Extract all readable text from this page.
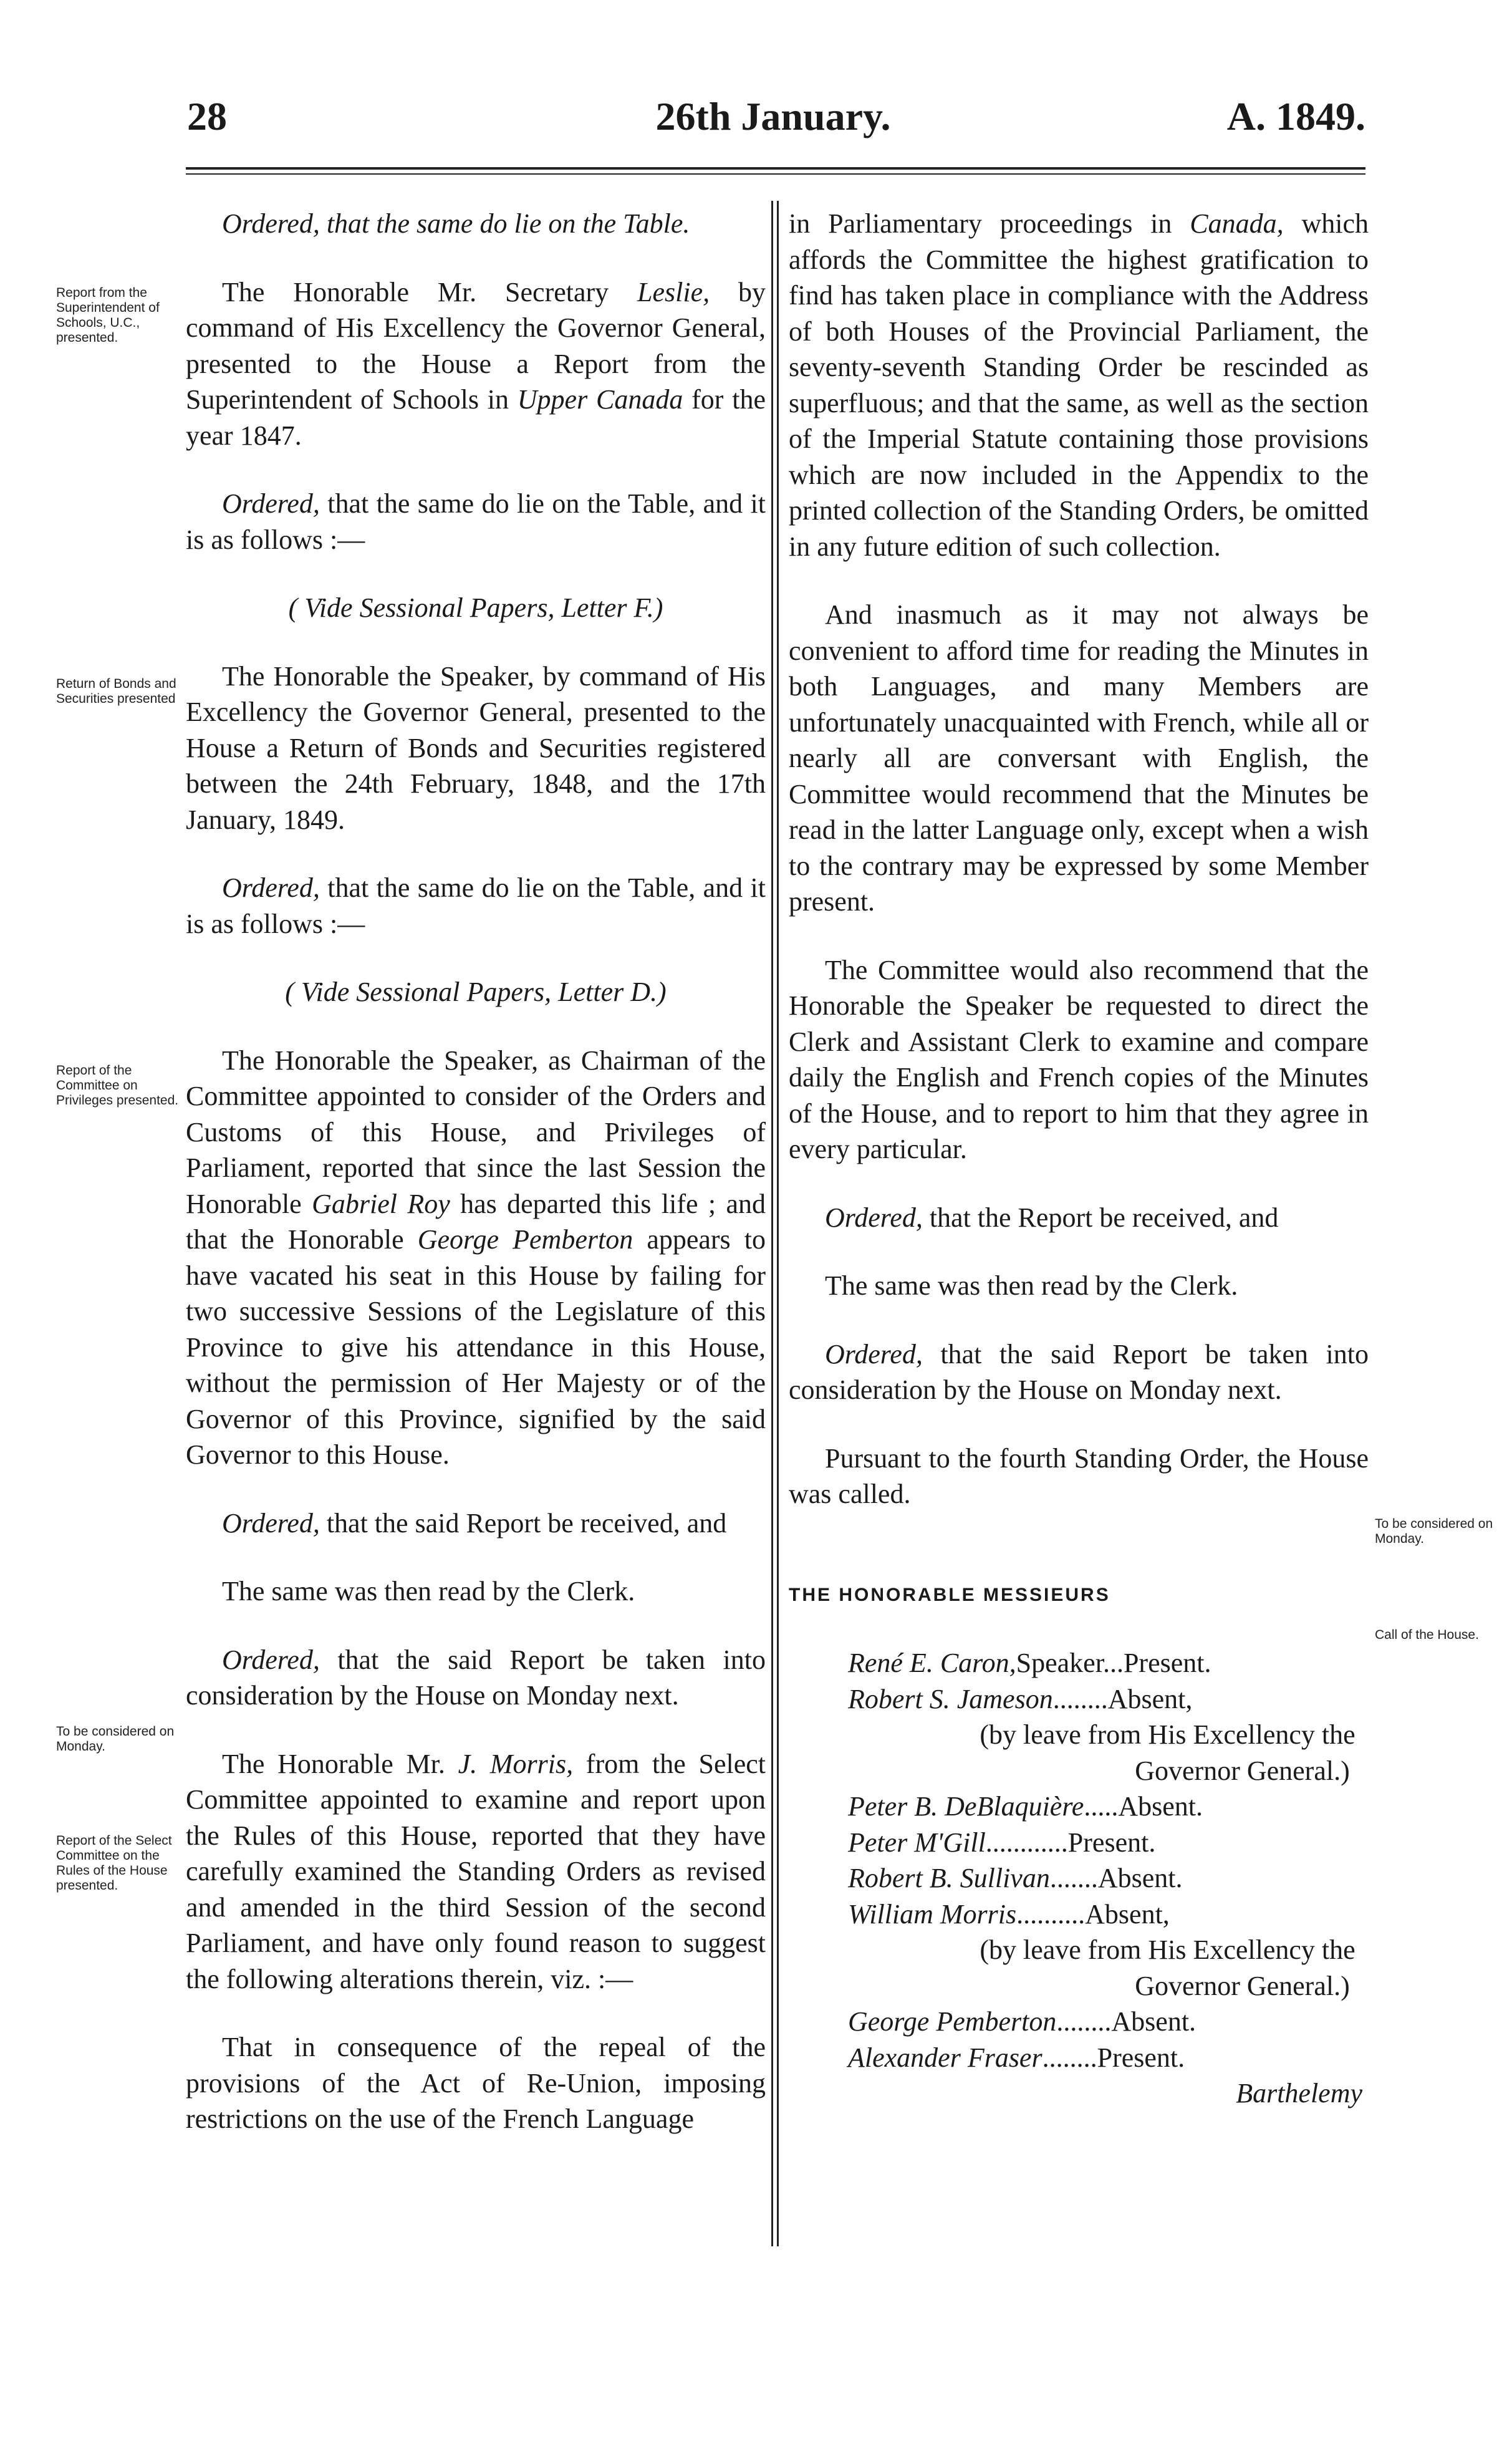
28	26th January.	A. 1849.
Report from the Superintendent of Schools, U.C., presented.
Return of Bonds and Securities presented
Report of the Committee on Privileges presented.
To be considered on Monday.
Report of the Select Committee on the Rules of the House presented.
To be considered on Monday.
Call of the House.

Ordered, that the same do lie on the Table.

The Honorable Mr. Secretary Leslie, by command of His Excellency the Governor General, presented to the House a Report from the Superintendent of Schools in Upper Canada for the year 1847.

Ordered, that the same do lie on the Table, and it is as follows :—

( Vide Sessional Papers, Letter F.)

The Honorable the Speaker, by command of His Excellency the Governor General, presented to the House a Return of Bonds and Securities registered between the 24th February, 1848, and the 17th January, 1849.

Ordered, that the same do lie on the Table, and it is as follows :—

( Vide Sessional Papers, Letter D.)

The Honorable the Speaker, as Chairman of the Committee appointed to consider of the Orders and Customs of this House, and Privileges of Parliament, reported that since the last Session the Honorable Gabriel Roy has departed this life ; and that the Honorable George Pemberton appears to have vacated his seat in this House by failing for two successive Sessions of the Legislature of this Province to give his attendance in this House, without the permission of Her Majesty or of the Governor of this Province, signified by the said Governor to this House.

Ordered, that the said Report be received, and

The same was then read by the Clerk.

Ordered, that the said Report be taken into consideration by the House on Monday next.

The Honorable Mr. J. Morris, from the Select Committee appointed to examine and report upon the Rules of this House, reported that they have carefully examined the Standing Orders as revised and amended in the third Session of the second Parliament, and have only found reason to suggest the following alterations therein, viz. :—

That in consequence of the repeal of the provisions of the Act of Re-Union, imposing restrictions on the use of the French Language

in Parliamentary proceedings in Canada, which affords the Committee the highest gratification to find has taken place in compliance with the Address of both Houses of the Provincial Parliament, the seventy-seventh Standing Order be rescinded as superfluous; and that the same, as well as the section of the Imperial Statute containing those provisions which are now included in the Appendix to the printed collection of the Standing Orders, be omitted in any future edition of such collection.

And inasmuch as it may not always be convenient to afford time for reading the Minutes in both Languages, and many Members are unfortunately unacquainted with French, while all or nearly all are conversant with English, the Committee would recommend that the Minutes be read in the latter Language only, except when a wish to the contrary may be expressed by some Member present.

The Committee would also recommend that the Honorable the Speaker be requested to direct the Clerk and Assistant Clerk to examine and compare daily the English and French copies of the Minutes of the House, and to report to him that they agree in every particular.

Ordered, that the Report be received, and

The same was then read by the Clerk.

Ordered, that the said Report be taken into consideration by the House on Monday next.

Pursuant to the fourth Standing Order, the House was called.

THE HONORABLE MESSIEURS

René E. Caron, Speaker...Present.
Robert S. Jameson ........Absent,
(by leave from His Excellency the
Governor General.)
Peter B. DeBlaquière .....Absent.
Peter M'Gill ............Present.
Robert B. Sullivan .......Absent.
William Morris ..........Absent,
(by leave from His Excellency the
Governor General.)
George Pemberton ........Absent.
Alexander Fraser ........Present.
Barthelemy
